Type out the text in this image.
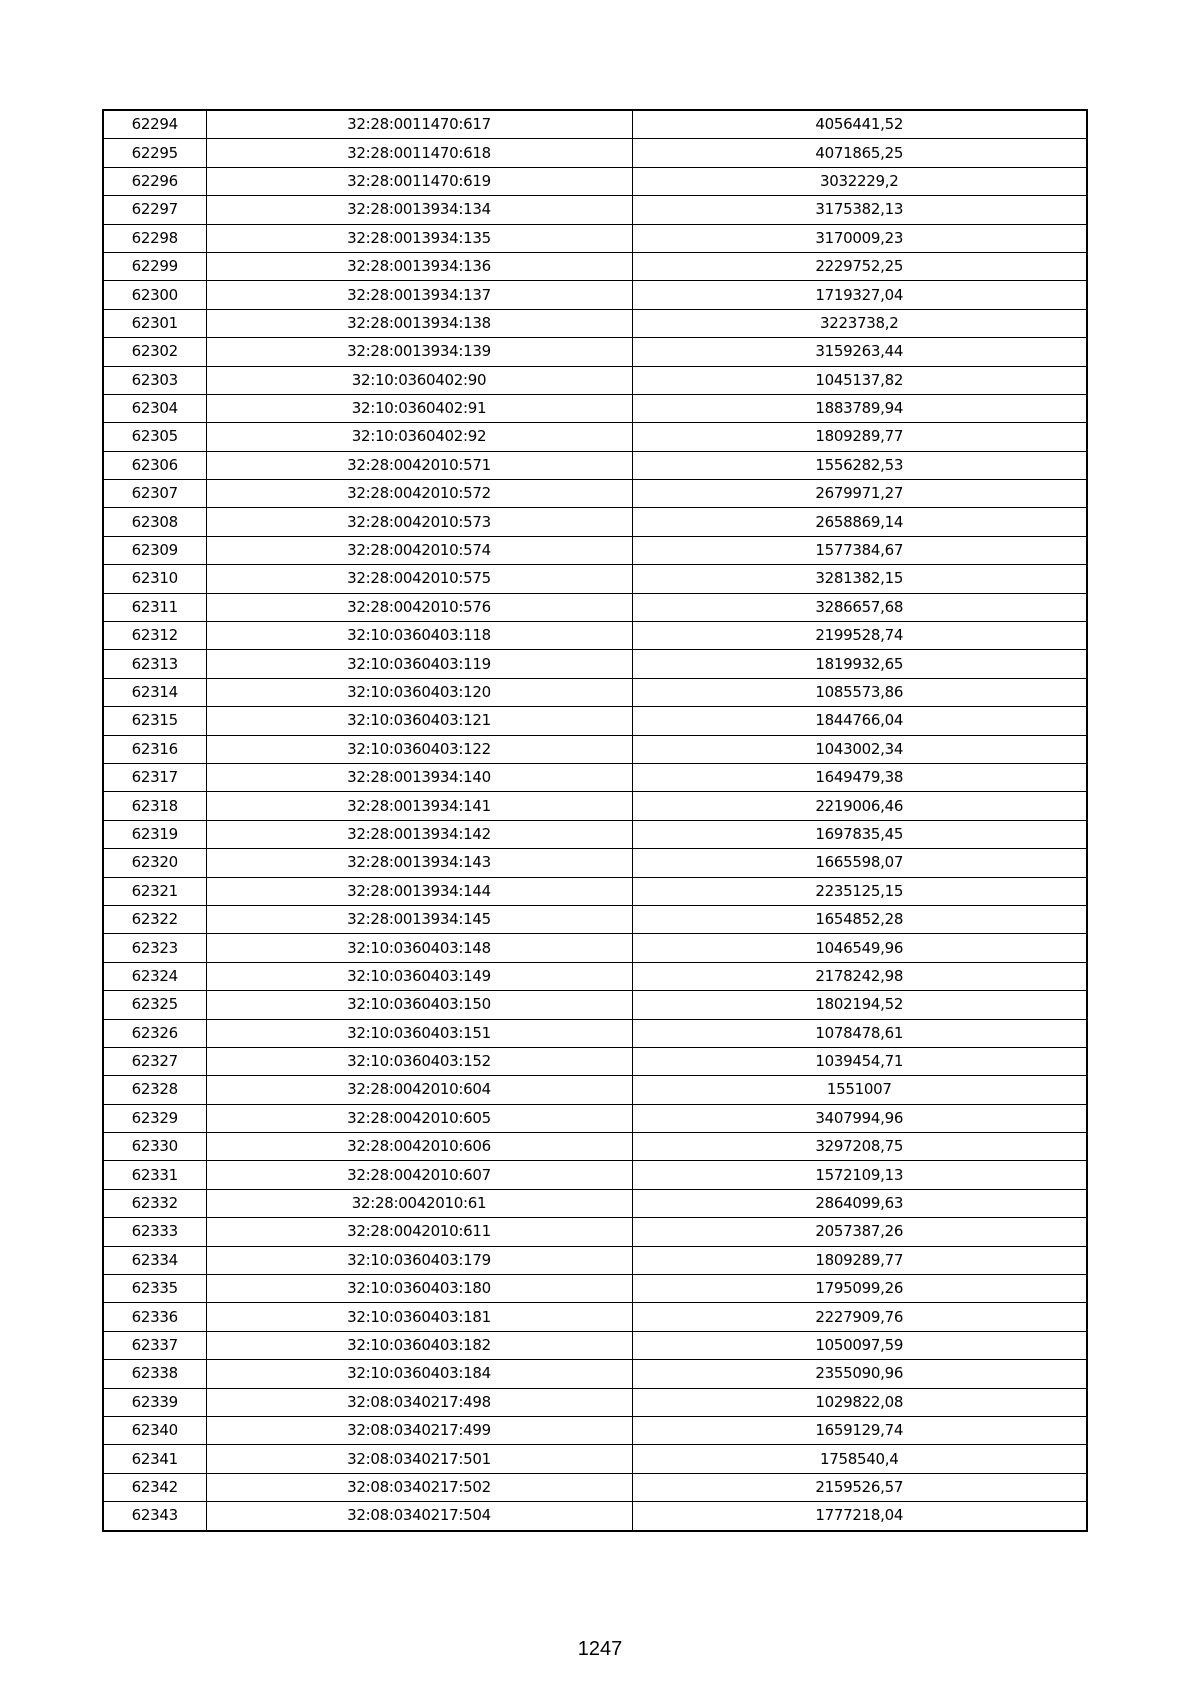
62294	32:28:0011470:617	4056441,52
62295	32:28:0011470:618	4071865,25
62296	32:28:0011470:619	3032229,2
62297	32:28:0013934:134	3175382,13
62298	32:28:0013934:135	3170009,23
62299	32:28:0013934:136	2229752,25
62300	32:28:0013934:137	1719327,04
62301	32:28:0013934:138	3223738,2
62302	32:28:0013934:139	3159263,44
62303	32:10:0360402:90	1045137,82
62304	32:10:0360402:91	1883789,94
62305	32:10:0360402:92	1809289,77
62306	32:28:0042010:571	1556282,53
62307	32:28:0042010:572	2679971,27
62308	32:28:0042010:573	2658869,14
62309	32:28:0042010:574	1577384,67
62310	32:28:0042010:575	3281382,15
62311	32:28:0042010:576	3286657,68
62312	32:10:0360403:118	2199528,74
62313	32:10:0360403:119	1819932,65
62314	32:10:0360403:120	1085573,86
62315	32:10:0360403:121	1844766,04
62316	32:10:0360403:122	1043002,34
62317	32:28:0013934:140	1649479,38
62318	32:28:0013934:141	2219006,46
62319	32:28:0013934:142	1697835,45
62320	32:28:0013934:143	1665598,07
62321	32:28:0013934:144	2235125,15
62322	32:28:0013934:145	1654852,28
62323	32:10:0360403:148	1046549,96
62324	32:10:0360403:149	2178242,98
62325	32:10:0360403:150	1802194,52
62326	32:10:0360403:151	1078478,61
62327	32:10:0360403:152	1039454,71
62328	32:28:0042010:604	1551007
62329	32:28:0042010:605	3407994,96
62330	32:28:0042010:606	3297208,75
62331	32:28:0042010:607	1572109,13
62332	32:28:0042010:61	2864099,63
62333	32:28:0042010:611	2057387,26
62334	32:10:0360403:179	1809289,77
62335	32:10:0360403:180	1795099,26
62336	32:10:0360403:181	2227909,76
62337	32:10:0360403:182	1050097,59
62338	32:10:0360403:184	2355090,96
62339	32:08:0340217:498	1029822,08
62340	32:08:0340217:499	1659129,74
62341	32:08:0340217:501	1758540,4
62342	32:08:0340217:502	2159526,57
62343	32:08:0340217:504	1777218,04
1247
